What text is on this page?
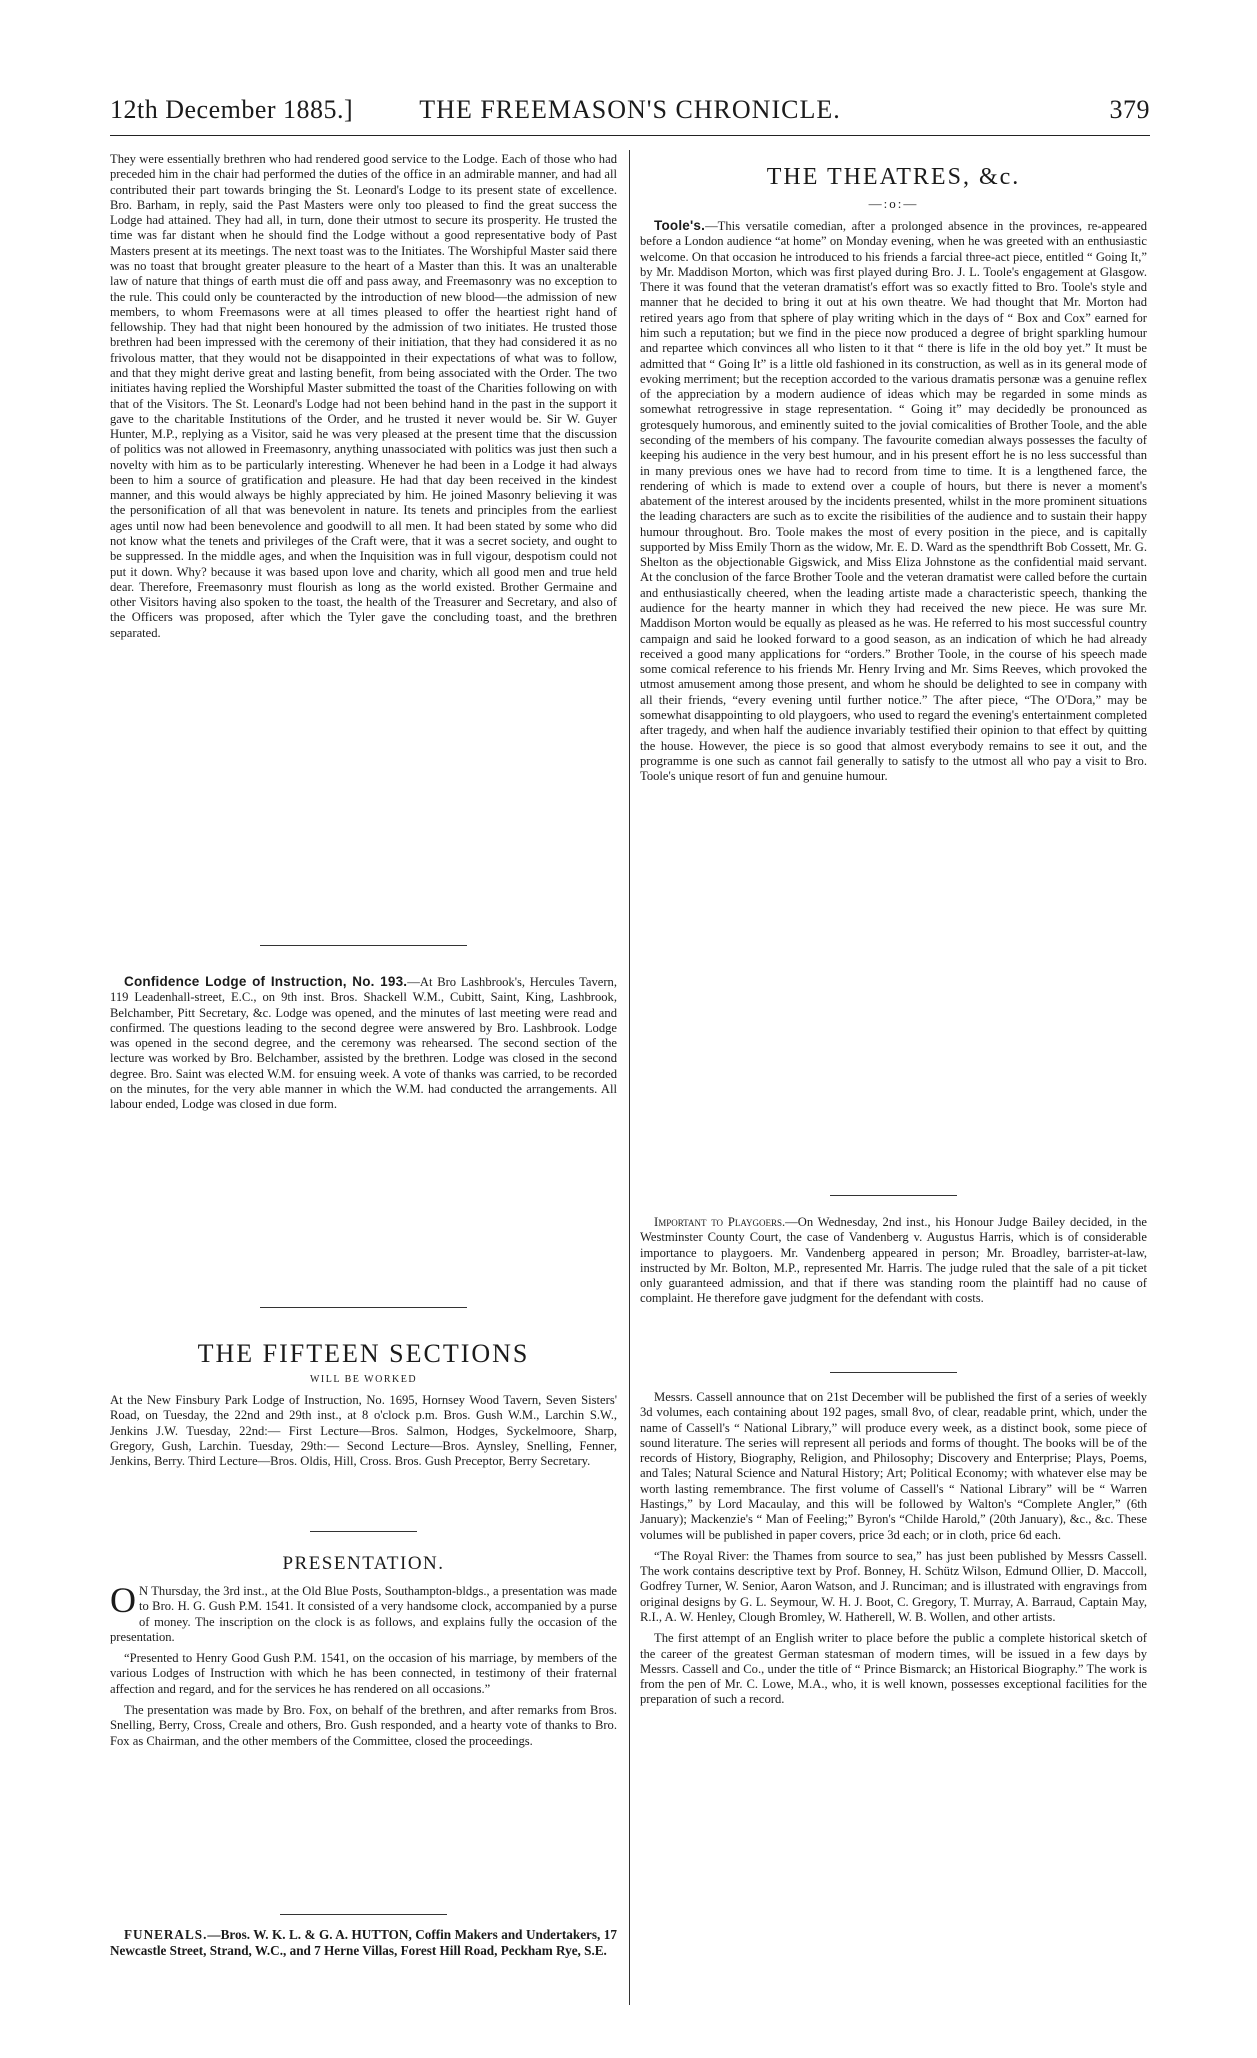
12th December 1885.]	THE FREEMASON'S CHRONICLE.	379

They were essentially brethren who had rendered good service to the Lodge. Each of those who had preceded him in the chair had performed the duties of the office in an admirable manner, and had all contributed their part towards bringing the St. Leonard's Lodge to its present state of excellence. Bro. Barham, in reply, said the Past Masters were only too pleased to find the great success the Lodge had attained. They had all, in turn, done their utmost to secure its prosperity. He trusted the time was far distant when he should find the Lodge without a good representative body of Past Masters present at its meetings. The next toast was to the Initiates. The Worshipful Master said there was no toast that brought greater pleasure to the heart of a Master than this. It was an unalterable law of nature that things of earth must die off and pass away, and Freemasonry was no exception to the rule. This could only be counteracted by the introduction of new blood—the admission of new members, to whom Freemasons were at all times pleased to offer the heartiest right hand of fellowship. They had that night been honoured by the admission of two initiates. He trusted those brethren had been impressed with the ceremony of their initiation, that they had considered it as no frivolous matter, that they would not be disappointed in their expectations of what was to follow, and that they might derive great and lasting benefit, from being associated with the Order. The two initiates having replied the Worshipful Master submitted the toast of the Charities following on with that of the Visitors. The St. Leonard's Lodge had not been behind hand in the past in the support it gave to the charitable Institutions of the Order, and he trusted it never would be. Sir W. Guyer Hunter, M.P., replying as a Visitor, said he was very pleased at the present time that the discussion of politics was not allowed in Freemasonry, anything unassociated with politics was just then such a novelty with him as to be particularly interesting. Whenever he had been in a Lodge it had always been to him a source of gratification and pleasure. He had that day been received in the kindest manner, and this would always be highly appreciated by him. He joined Masonry believing it was the personification of all that was benevolent in nature. Its tenets and principles from the earliest ages until now had been benevolence and goodwill to all men. It had been stated by some who did not know what the tenets and privileges of the Craft were, that it was a secret society, and ought to be suppressed. In the middle ages, and when the Inquisition was in full vigour, despotism could not put it down. Why? because it was based upon love and charity, which all good men and true held dear. Therefore, Freemasonry must flourish as long as the world existed. Brother Germaine and other Visitors having also spoken to the toast, the health of the Treasurer and Secretary, and also of the Officers was proposed, after which the Tyler gave the concluding toast, and the brethren separated.

Confidence Lodge of Instruction, No. 193.—At Bro Lashbrook's, Hercules Tavern, 119 Leadenhall-street, E.C., on 9th inst. Bros. Shackell W.M., Cubitt, Saint, King, Lashbrook, Belchamber, Pitt Secretary, &c. Lodge was opened, and the minutes of last meeting were read and confirmed. The questions leading to the second degree were answered by Bro. Lashbrook. Lodge was opened in the second degree, and the ceremony was rehearsed. The second section of the lecture was worked by Bro. Belchamber, assisted by the brethren. Lodge was closed in the second degree. Bro. Saint was elected W.M. for ensuing week. A vote of thanks was carried, to be recorded on the minutes, for the very able manner in which the W.M. had conducted the arrangements. All labour ended, Lodge was closed in due form.

THE FIFTEEN SECTIONS
WILL BE WORKED

At the New Finsbury Park Lodge of Instruction, No. 1695, Hornsey Wood Tavern, Seven Sisters' Road, on Tuesday, the 22nd and 29th inst., at 8 o'clock p.m. Bros. Gush W.M., Larchin S.W., Jenkins J.W. Tuesday, 22nd:— First Lecture—Bros. Salmon, Hodges, Syckelmoore, Sharp, Gregory, Gush, Larchin. Tuesday, 29th:— Second Lecture—Bros. Aynsley, Snelling, Fenner, Jenkins, Berry. Third Lecture—Bros. Oldis, Hill, Cross. Bros. Gush Preceptor, Berry Secretary.

PRESENTATION.

O N Thursday, the 3rd inst., at the Old Blue Posts, Southampton-bldgs., a presentation was made to Bro. H. G. Gush P.M. 1541. It consisted of a very handsome clock, accompanied by a purse of money. The inscription on the clock is as follows, and explains fully the occasion of the presentation.

“Presented to Henry Good Gush P.M. 1541, on the occasion of his marriage, by members of the various Lodges of Instruction with which he has been connected, in testimony of their fraternal affection and regard, and for the services he has rendered on all occasions.”

The presentation was made by Bro. Fox, on behalf of the brethren, and after remarks from Bros. Snelling, Berry, Cross, Creale and others, Bro. Gush responded, and a hearty vote of thanks to Bro. Fox as Chairman, and the other members of the Committee, closed the proceedings.

FUNERALS.—Bros. W. K. L. & G. A. HUTTON, Coffin Makers and Undertakers, 17 Newcastle Street, Strand, W.C., and 7 Herne Villas, Forest Hill Road, Peckham Rye, S.E.

THE THEATRES, &c.
—:o:—

Toole's.—This versatile comedian, after a prolonged absence in the provinces, re-appeared before a London audience “at home” on Monday evening, when he was greeted with an enthusiastic welcome. On that occasion he introduced to his friends a farcial three-act piece, entitled “ Going It,” by Mr. Maddison Morton, which was first played during Bro. J. L. Toole's engagement at Glasgow. There it was found that the veteran dramatist's effort was so exactly fitted to Bro. Toole's style and manner that he decided to bring it out at his own theatre. We had thought that Mr. Morton had retired years ago from that sphere of play writing which in the days of “ Box and Cox” earned for him such a reputation; but we find in the piece now produced a degree of bright sparkling humour and repartee which convinces all who listen to it that “ there is life in the old boy yet.” It must be admitted that “ Going It” is a little old fashioned in its construction, as well as in its general mode of evoking merriment; but the reception accorded to the various dramatis personæ was a genuine reflex of the appreciation by a modern audience of ideas which may be regarded in some minds as somewhat retrogressive in stage representation. “ Going it” may decidedly be pronounced as grotesquely humorous, and eminently suited to the jovial comicalities of Brother Toole, and the able seconding of the members of his company. The favourite comedian always possesses the faculty of keeping his audience in the very best humour, and in his present effort he is no less successful than in many previous ones we have had to record from time to time. It is a lengthened farce, the rendering of which is made to extend over a couple of hours, but there is never a moment's abatement of the interest aroused by the incidents presented, whilst in the more prominent situations the leading characters are such as to excite the risibilities of the audience and to sustain their happy humour throughout. Bro. Toole makes the most of every position in the piece, and is capitally supported by Miss Emily Thorn as the widow, Mr. E. D. Ward as the spendthrift Bob Cossett, Mr. G. Shelton as the objectionable Gigswick, and Miss Eliza Johnstone as the confidential maid servant. At the conclusion of the farce Brother Toole and the veteran dramatist were called before the curtain and enthusiastically cheered, when the leading artiste made a characteristic speech, thanking the audience for the hearty manner in which they had received the new piece. He was sure Mr. Maddison Morton would be equally as pleased as he was. He referred to his most successful country campaign and said he looked forward to a good season, as an indication of which he had already received a good many applications for “orders.” Brother Toole, in the course of his speech made some comical reference to his friends Mr. Henry Irving and Mr. Sims Reeves, which provoked the utmost amusement among those present, and whom he should be delighted to see in company with all their friends, “every evening until further notice.” The after piece, “The O'Dora,” may be somewhat disappointing to old playgoers, who used to regard the evening's entertainment completed after tragedy, and when half the audience invariably testified their opinion to that effect by quitting the house. However, the piece is so good that almost everybody remains to see it out, and the programme is one such as cannot fail generally to satisfy to the utmost all who pay a visit to Bro. Toole's unique resort of fun and genuine humour.

Important to Playgoers.—On Wednesday, 2nd inst., his Honour Judge Bailey decided, in the Westminster County Court, the case of Vandenberg v. Augustus Harris, which is of considerable importance to playgoers. Mr. Vandenberg appeared in person; Mr. Broadley, barrister-at-law, instructed by Mr. Bolton, M.P., represented Mr. Harris. The judge ruled that the sale of a pit ticket only guaranteed admission, and that if there was standing room the plaintiff had no cause of complaint. He therefore gave judgment for the defendant with costs.

Messrs. Cassell announce that on 21st December will be published the first of a series of weekly 3d volumes, each containing about 192 pages, small 8vo, of clear, readable print, which, under the name of Cassell's “ National Library,” will produce every week, as a distinct book, some piece of sound literature. The series will represent all periods and forms of thought. The books will be of the records of History, Biography, Religion, and Philosophy; Discovery and Enterprise; Plays, Poems, and Tales; Natural Science and Natural History; Art; Political Economy; with whatever else may be worth lasting remembrance. The first volume of Cassell's “ National Library” will be “ Warren Hastings,” by Lord Macaulay, and this will be followed by Walton's “Complete Angler,” (6th January); Mackenzie's “ Man of Feeling;” Byron's “Childe Harold,” (20th January), &c., &c. These volumes will be published in paper covers, price 3d each; or in cloth, price 6d each.

“The Royal River: the Thames from source to sea,” has just been published by Messrs Cassell. The work contains descriptive text by Prof. Bonney, H. Schütz Wilson, Edmund Ollier, D. Maccoll, Godfrey Turner, W. Senior, Aaron Watson, and J. Runciman; and is illustrated with engravings from original designs by G. L. Seymour, W. H. J. Boot, C. Gregory, T. Murray, A. Barraud, Captain May, R.I., A. W. Henley, Clough Bromley, W. Hatherell, W. B. Wollen, and other artists.

The first attempt of an English writer to place before the public a complete historical sketch of the career of the greatest German statesman of modern times, will be issued in a few days by Messrs. Cassell and Co., under the title of “ Prince Bismarck; an Historical Biography.” The work is from the pen of Mr. C. Lowe, M.A., who, it is well known, possesses exceptional facilities for the preparation of such a record.
